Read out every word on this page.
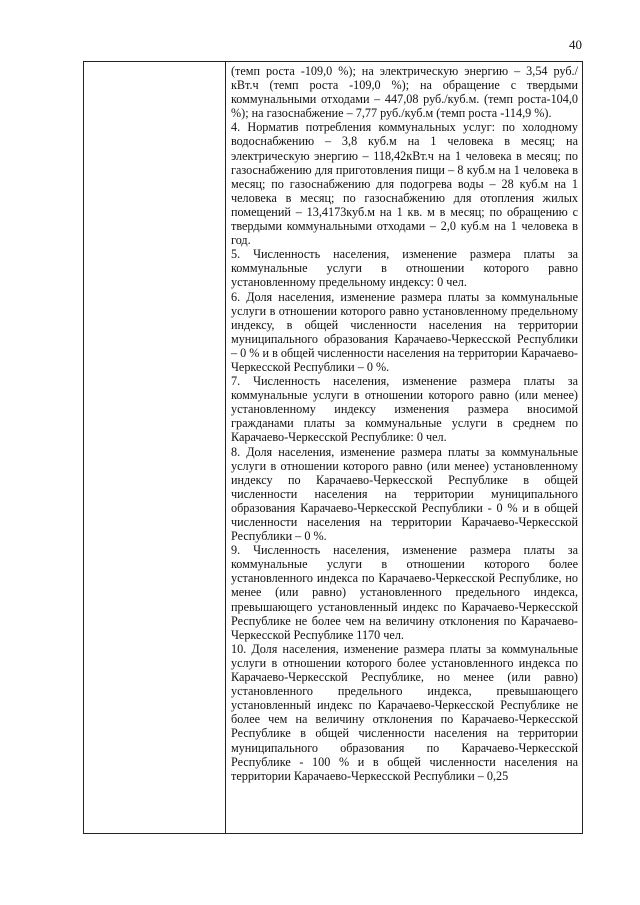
40

(темп роста -109,0 %); на электрическую энергию – 3,54 руб./кВт.ч (темп роста -109,0 %); на обращение с твердыми коммунальными отходами – 447,08 руб./куб.м. (темп роста-104,0 %); на газоснабжение – 7,77 руб./куб.м (темп роста -114,9 %).

4. Норматив потребления коммунальных услуг: по холодному водоснабжению – 3,8 куб.м на 1 человека в месяц; на электрическую энергию – 118,42кВт.ч на 1 человека в месяц; по газоснабжению для приготовления пищи – 8 куб.м на 1 человека в месяц; по газоснабжению для подогрева воды – 28 куб.м на 1 человека в месяц; по газоснабжению для отопления жилых помещений – 13,4173куб.м на 1 кв. м в месяц; по обращению с твердыми коммунальными отходами – 2,0 куб.м на 1 человека в год.

5. Численность населения, изменение размера платы за коммунальные услуги в отношении которого равно установленному предельному индексу: 0 чел.

6. Доля населения, изменение размера платы за коммунальные услуги в отношении которого равно установленному предельному индексу, в общей численности населения на территории муниципального образования Карачаево-Черкесской Республики – 0 % и в общей численности населения на территории Карачаево-Черкесской Республики – 0 %.

7. Численность населения, изменение размера платы за коммунальные услуги в отношении которого равно (или менее) установленному индексу изменения размера вносимой гражданами платы за коммунальные услуги в среднем по Карачаево-Черкесской Республике: 0 чел.

8. Доля населения, изменение размера платы за коммунальные услуги в отношении которого равно (или менее) установленному индексу по Карачаево-Черкесской Республике в общей численности населения на территории муниципального образования Карачаево-Черкесской Республики - 0 % и в общей численности населения на территории Карачаево-Черкесской Республики – 0 %.

9. Численность населения, изменение размера платы за коммунальные услуги в отношении которого более установленного индекса по Карачаево-Черкесской Республике, но менее (или равно) установленного предельного индекса, превышающего установленный индекс по Карачаево-Черкесской Республике не более чем на величину отклонения по Карачаево-Черкесской Республике 1170 чел.

10. Доля населения, изменение размера платы за коммунальные услуги в отношении которого более установленного индекса по Карачаево-Черкесской Республике, но менее (или равно) установленного предельного индекса, превышающего установленный индекс по Карачаево-Черкесской Республике не более чем на величину отклонения по Карачаево-Черкесской Республике в общей численности населения на территории муниципального образования по Карачаево-Черкесской Республике - 100 % и в общей численности населения на территории Карачаево-Черкесской Республики – 0,25
